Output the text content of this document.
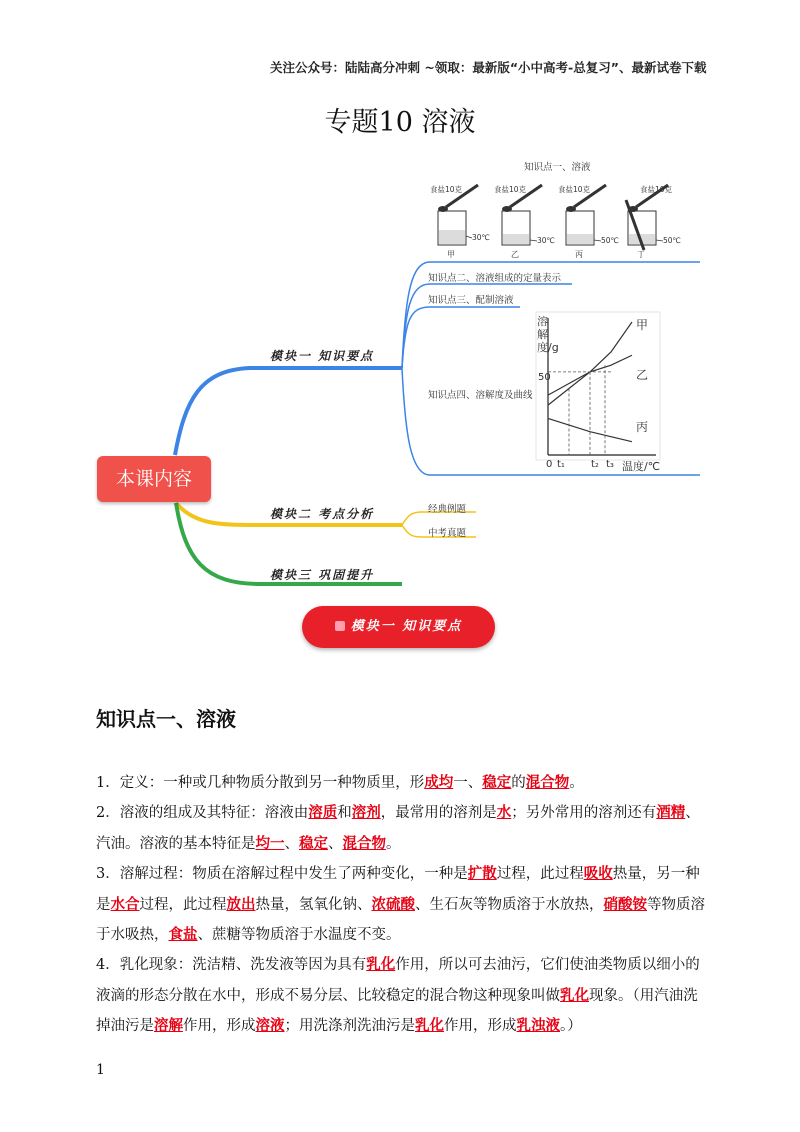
关注公众号：陆陆高分冲刺 ~领取：最新版“小中高考-总复习”、最新试卷下载
专题10 溶液
本课内容
模块一 知识要点
模块二 考点分析
模块三 巩固提升
知识点一、溶液
知识点二、溶液组成的定量表示
知识点三、配制溶液
知识点四、溶解度及曲线
经典例题
中考真题
食盐10克	食盐10克	食盐10克	食盐10克
30℃	30℃	50℃	50℃
甲	乙	丙	丁
溶解度/g
温度/℃
50
0 t₁	t₂ t₃
甲
乙
丙
模块一 知识要点
知识点一、溶液

1．定义：一种或几种物质分散到另一种物质里，形成均一、稳定的混合物。

2．溶液的组成及其特征：溶液由溶质和溶剂，最常用的溶剂是水；另外常用的溶剂还有酒精、汽油。溶液的基本特征是均一、稳定、混合物。

3．溶解过程：物质在溶解过程中发生了两种变化，一种是扩散过程，此过程吸收热量，另一种是水合过程，此过程放出热量，氢氧化钠、浓硫酸、生石灰等物质溶于水放热，硝酸铵等物质溶于水吸热，食盐、蔗糖等物质溶于水温度不变。

4．乳化现象：洗洁精、洗发液等因为具有乳化作用，所以可去油污，它们使油类物质以细小的液滴的形态分散在水中，形成不易分层、比较稳定的混合物这种现象叫做乳化现象。（用汽油洗掉油污是溶解作用，形成溶液；用洗涤剂洗油污是乳化作用，形成乳浊液。）

1
